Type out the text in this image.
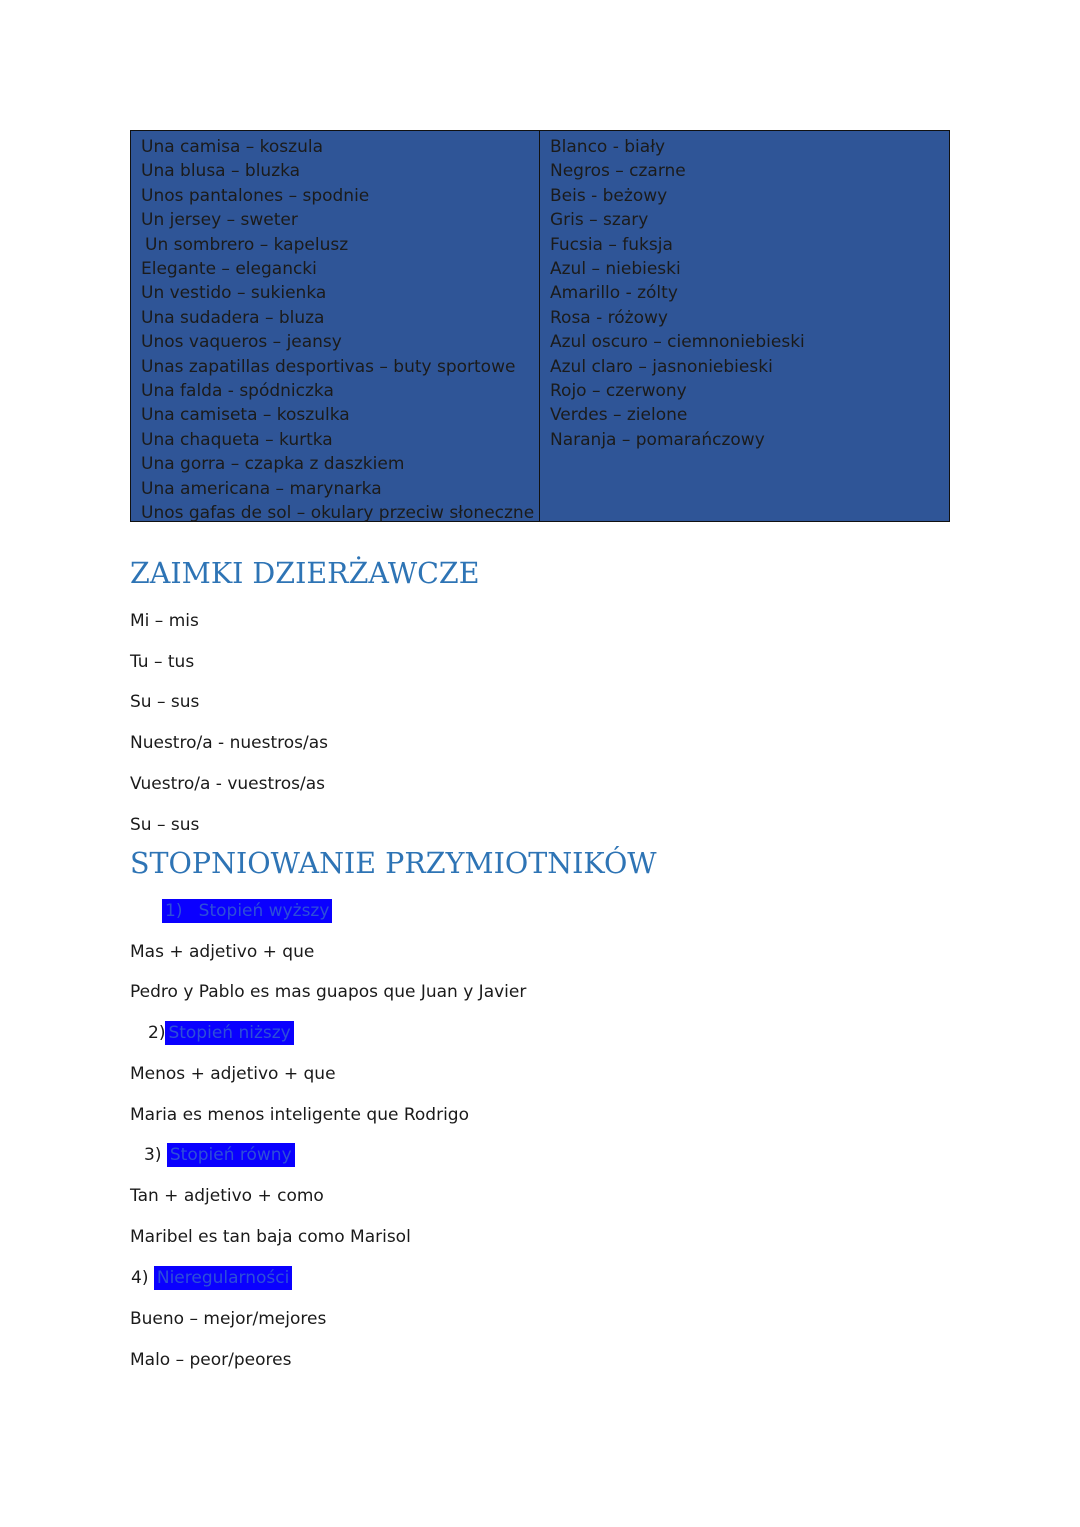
Una camisa – koszula
Una blusa – bluzka
Unos pantalones – spodnie
Un jersey – sweter
Un sombrero – kapelusz
Elegante – elegancki
Un vestido – sukienka
Una sudadera – bluza
Unos vaqueros – jeansy
Unas zapatillas desportivas – buty sportowe
Una falda - spódniczka
Una camiseta – koszulka
Una chaqueta – kurtka
Una gorra – czapka z daszkiem
Una americana – marynarka
Unos gafas de sol – okulary przeciw słoneczne
Blanco - biały
Negros – czarne
Beis - beżowy
Gris – szary
Fucsia – fuksja
Azul – niebieski
Amarillo - zólty
Rosa - różowy
Azul oscuro – ciemnoniebieski
Azul claro – jasnoniebieski
Rojo – czerwony
Verdes – zielone
Naranja – pomarańczowy
ZAIMKI DZIERŻAWCZE

Mi – mis

Tu – tus

Su – sus

Nuestro/a - nuestros/as

Vuestro/a - vuestros/as

Su – sus

STOPNIOWANIE PRZYMIOTNIKÓW

1) Stopień wyższy

Mas + adjetivo + que

Pedro y Pablo es mas guapos que Juan y Javier

2) Stopień niższy

Menos + adjetivo + que

Maria es menos inteligente que Rodrigo

3) Stopień równy

Tan + adjetivo + como

Maribel es tan baja como Marisol

4) Nieregularności

Bueno – mejor/mejores

Malo – peor/peores
